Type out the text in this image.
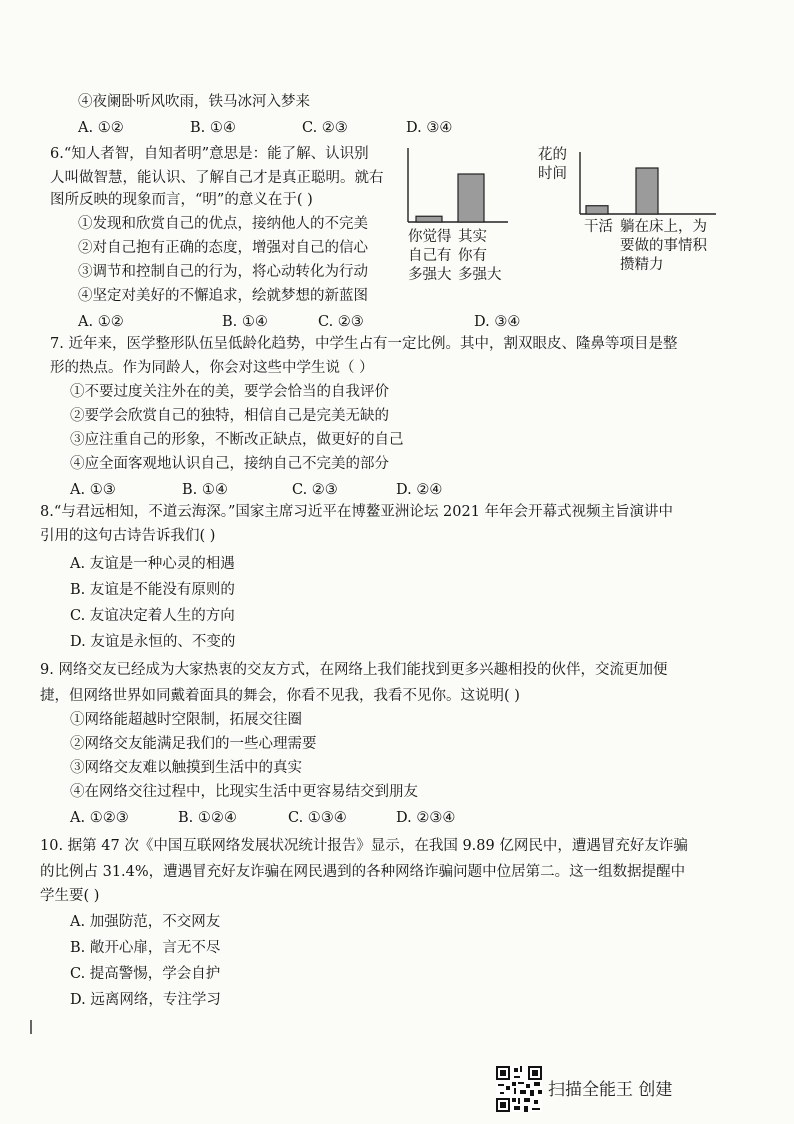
④夜阑卧听风吹雨，铁马冰河入梦来
A. ①②	B. ①④	C. ②③	D. ③④
6.“知人者智，自知者明”意思是：能了解、认识别
人叫做智慧，能认识、了解自己才是真正聪明。就右
图所反映的现象而言，“明”的意义在于( )
①发现和欣赏自己的优点，接纳他人的不完美
②对自己抱有正确的态度，增强对自己的信心
③调节和控制自己的行为，将心动转化为行动
④坚定对美好的不懈追求，绘就梦想的新蓝图
A. ①②	B. ①④	C. ②③	D. ③④
你觉得
自己有
多强大
其实
你有
多强大
花的
时间
干活 躺在床上，为
要做的事情积
攒精力
7. 近年来，医学整形队伍呈低龄化趋势，中学生占有一定比例。其中，割双眼皮、隆鼻等项目是整
形的热点。作为同龄人，你会对这些中学生说（ ）
①不要过度关注外在的美，要学会恰当的自我评价
②要学会欣赏自己的独特，相信自己是完美无缺的
③应注重自己的形象，不断改正缺点，做更好的自己
④应全面客观地认识自己，接纳自己不完美的部分
A. ①③	B. ①④	C. ②③	D. ②④
8.“与君远相知，不道云海深。”国家主席习近平在博鳌亚洲论坛 2021 年年会开幕式视频主旨演讲中
引用的这句古诗告诉我们( )
A. 友谊是一种心灵的相遇
B. 友谊是不能没有原则的
C. 友谊决定着人生的方向
D. 友谊是永恒的、不变的
9. 网络交友已经成为大家热衷的交友方式，在网络上我们能找到更多兴趣相投的伙伴，交流更加便
捷，但网络世界如同戴着面具的舞会，你看不见我，我看不见你。这说明( )
①网络能超越时空限制，拓展交往圈
②网络交友能满足我们的一些心理需要
③网络交友难以触摸到生活中的真实
④在网络交往过程中，比现实生活中更容易结交到朋友
A. ①②③	B. ①②④	C. ①③④	D. ②③④
10. 据第 47 次《中国互联网络发展状况统计报告》显示，在我国 9.89 亿网民中，遭遇冒充好友诈骗
的比例占 31.4%，遭遇冒充好友诈骗在网民遇到的各种网络诈骗问题中位居第二。这一组数据提醒中
学生要( )
A. 加强防范，不交网友
B. 敞开心扉，言无不尽
C. 提高警惕，学会自护
D. 远离网络，专注学习
扫描全能王 创建
